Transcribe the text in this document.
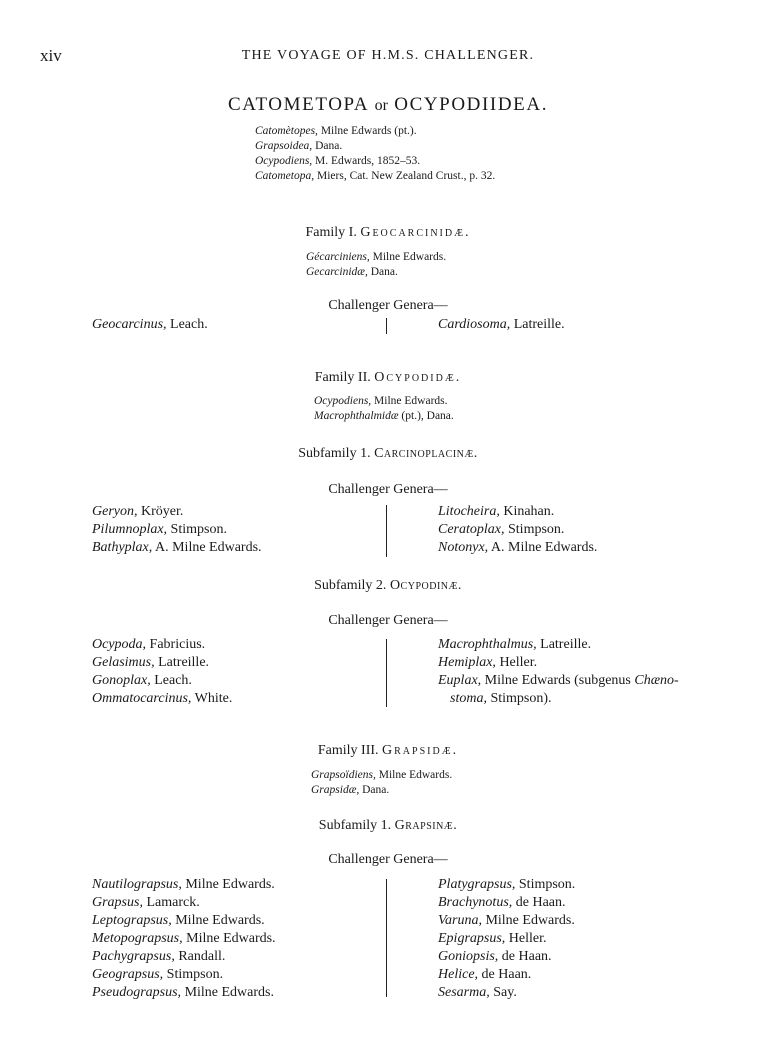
xiv	THE VOYAGE OF H.M.S. CHALLENGER.
CATOMETOPA or OCYPODIIDEA.
Catomètopes, Milne Edwards (pt.).
Grapsoidea, Dana.
Ocypodiens, M. Edwards, 1852–53.
Catometopa, Miers, Cat. New Zealand Crust., p. 32.
Family I. Geocarcinidæ.
Gécarciniens, Milne Edwards.
Gecarcinidæ, Dana.
Challenger Genera—
Geocarcinus, Leach.	Cardiosoma, Latreille.
Family II. Ocypodidæ.
Ocypodiens, Milne Edwards.
Macrophthalmidæ (pt.), Dana.
Subfamily 1. Carcinoplacinæ.
Challenger Genera—
Geryon, Kröyer.
Pilumnoplax, Stimpson.
Bathyplax, A. Milne Edwards.
Litocheira, Kinahan.
Ceratoplax, Stimpson.
Notonyx, A. Milne Edwards.
Subfamily 2. Ocypodinæ.
Challenger Genera—
Ocypoda, Fabricius.
Gelasimus, Latreille.
Gonoplax, Leach.
Ommatocarcinus, White.
Macrophthalmus, Latreille.
Hemiplax, Heller.
Euplax, Milne Edwards (subgenus Chæno-
stoma, Stimpson).
Family III. Grapsidæ.
Grapsoïdiens, Milne Edwards.
Grapsidæ, Dana.
Subfamily 1. Grapsinæ.
Challenger Genera—
Nautilograpsus, Milne Edwards.
Grapsus, Lamarck.
Leptograpsus, Milne Edwards.
Metopograpsus, Milne Edwards.
Pachygrapsus, Randall.
Geograpsus, Stimpson.
Pseudograpsus, Milne Edwards.
Platygrapsus, Stimpson.
Brachynotus, de Haan.
Varuna, Milne Edwards.
Epigrapsus, Heller.
Goniopsis, de Haan.
Helice, de Haan.
Sesarma, Say.
